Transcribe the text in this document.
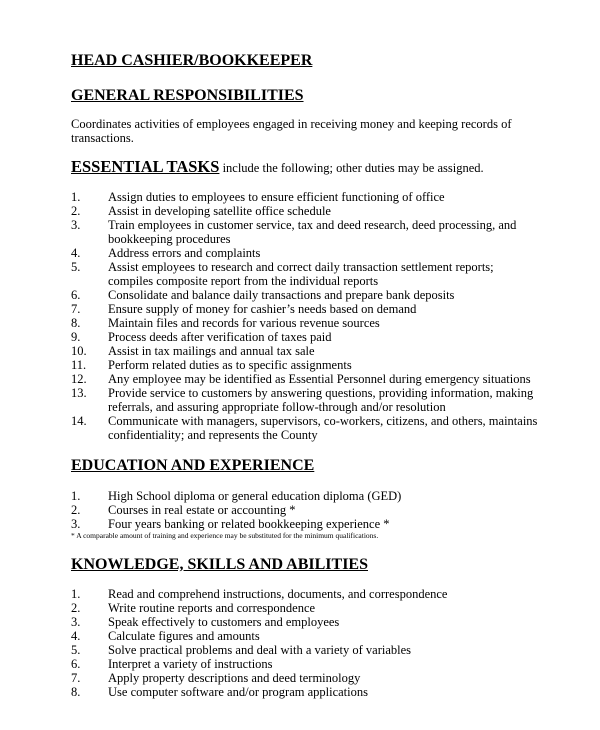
HEAD CASHIER/BOOKKEEPER
GENERAL RESPONSIBILITIES

Coordinates activities of employees engaged in receiving money and keeping records of transactions.

ESSENTIAL TASKS include the following; other duties may be assigned.

1. Assign duties to employees to ensure efficient functioning of office
2. Assist in developing satellite office schedule
3. Train employees in customer service, tax and deed research, deed processing, and bookkeeping procedures
4. Address errors and complaints
5. Assist employees to research and correct daily transaction settlement reports; compiles composite report from the individual reports
6. Consolidate and balance daily transactions and prepare bank deposits
7. Ensure supply of money for cashier’s needs based on demand
8. Maintain files and records for various revenue sources
9. Process deeds after verification of taxes paid
10. Assist in tax mailings and annual tax sale
11. Perform related duties as to specific assignments
12. Any employee may be identified as Essential Personnel during emergency situations
13. Provide service to customers by answering questions, providing information, making referrals, and assuring appropriate follow-through and/or resolution
14. Communicate with managers, supervisors, co-workers, citizens, and others, maintains confidentiality; and represents the County
EDUCATION AND EXPERIENCE
1. High School diploma or general education diploma (GED)
2. Courses in real estate or accounting *
3. Four years banking or related bookkeeping experience *

* A comparable amount of training and experience may be substituted for the minimum qualifications.

KNOWLEDGE, SKILLS AND ABILITIES
1. Read and comprehend instructions, documents, and correspondence
2. Write routine reports and correspondence
3. Speak effectively to customers and employees
4. Calculate figures and amounts
5. Solve practical problems and deal with a variety of variables
6. Interpret a variety of instructions
7. Apply property descriptions and deed terminology
8. Use computer software and/or program applications
